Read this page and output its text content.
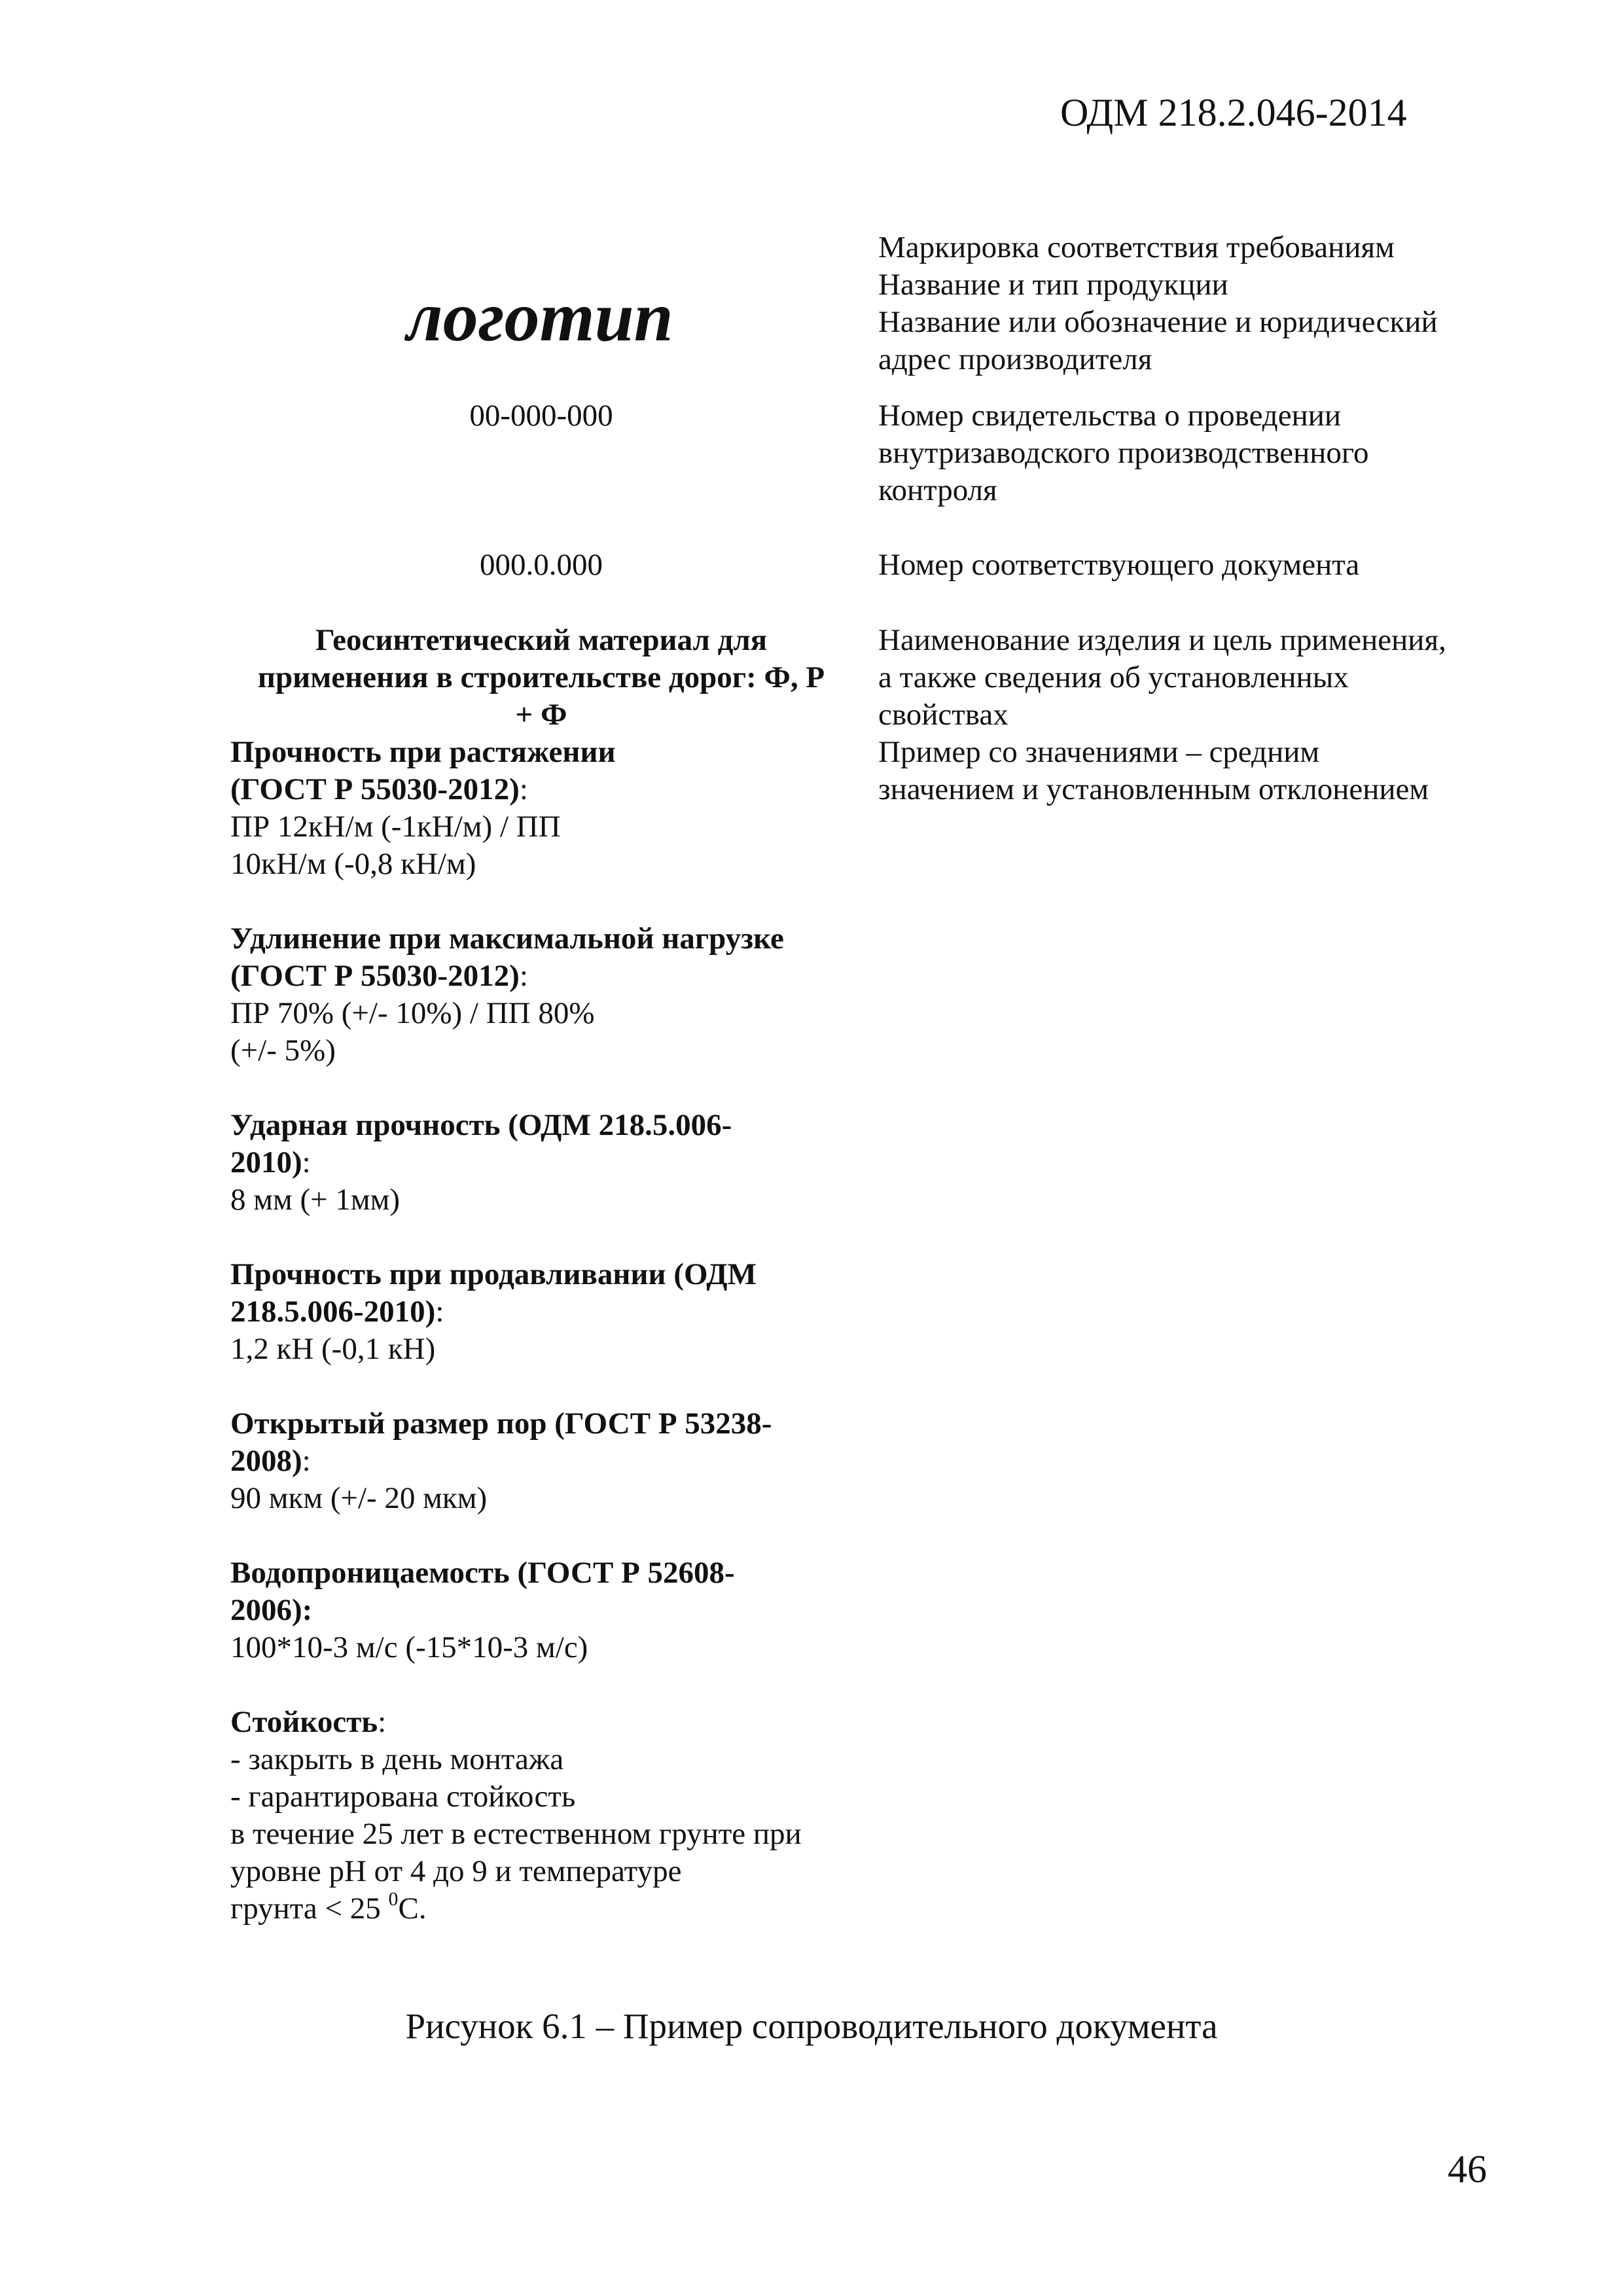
ОДМ 218.2.046-2014
Маркировка соответствия требованиям
Название и тип продукции
Название или обозначение и юридический
адрес производителя
логотип
00-000-000	Номер свидетельства о проведении
внутризаводского производственного
контроля
000.0.000	Номер соответствующего документа
Наименование изделия и цель применения,
а также сведения об установленных
свойствах
Пример со значениями – средним
значением и установленным отклонением
Геосинтетический материал для
применения в строительстве дорог: Ф, Р
+ Ф
Прочность при растяжении
(ГОСТ Р 55030-2012):
ПР 12кН/м (-1кН/м) / ПП
10кН/м (-0,8 кН/м)
Удлинение при максимальной нагрузке
(ГОСТ Р 55030-2012):
ПР 70% (+/- 10%) / ПП 80%
(+/- 5%)
Ударная прочность (ОДМ 218.5.006-
2010):
8 мм (+ 1мм)
Прочность при продавливании (ОДМ
218.5.006-2010):
1,2 кН (-0,1 кН)
Открытый размер пор (ГОСТ Р 53238-
2008):
90 мкм (+/- 20 мкм)
Водопроницаемость (ГОСТ Р 52608-
2006):
100*10-3 м/с (-15*10-3 м/с)
Стойкость:
- закрыть в день монтажа
- гарантирована стойкость
в течение 25 лет в естественном грунте при
уровне pH от 4 до 9 и температуре
грунта < 25 $^0$C.
Рисунок 6.1 – Пример сопроводительного документа
46
